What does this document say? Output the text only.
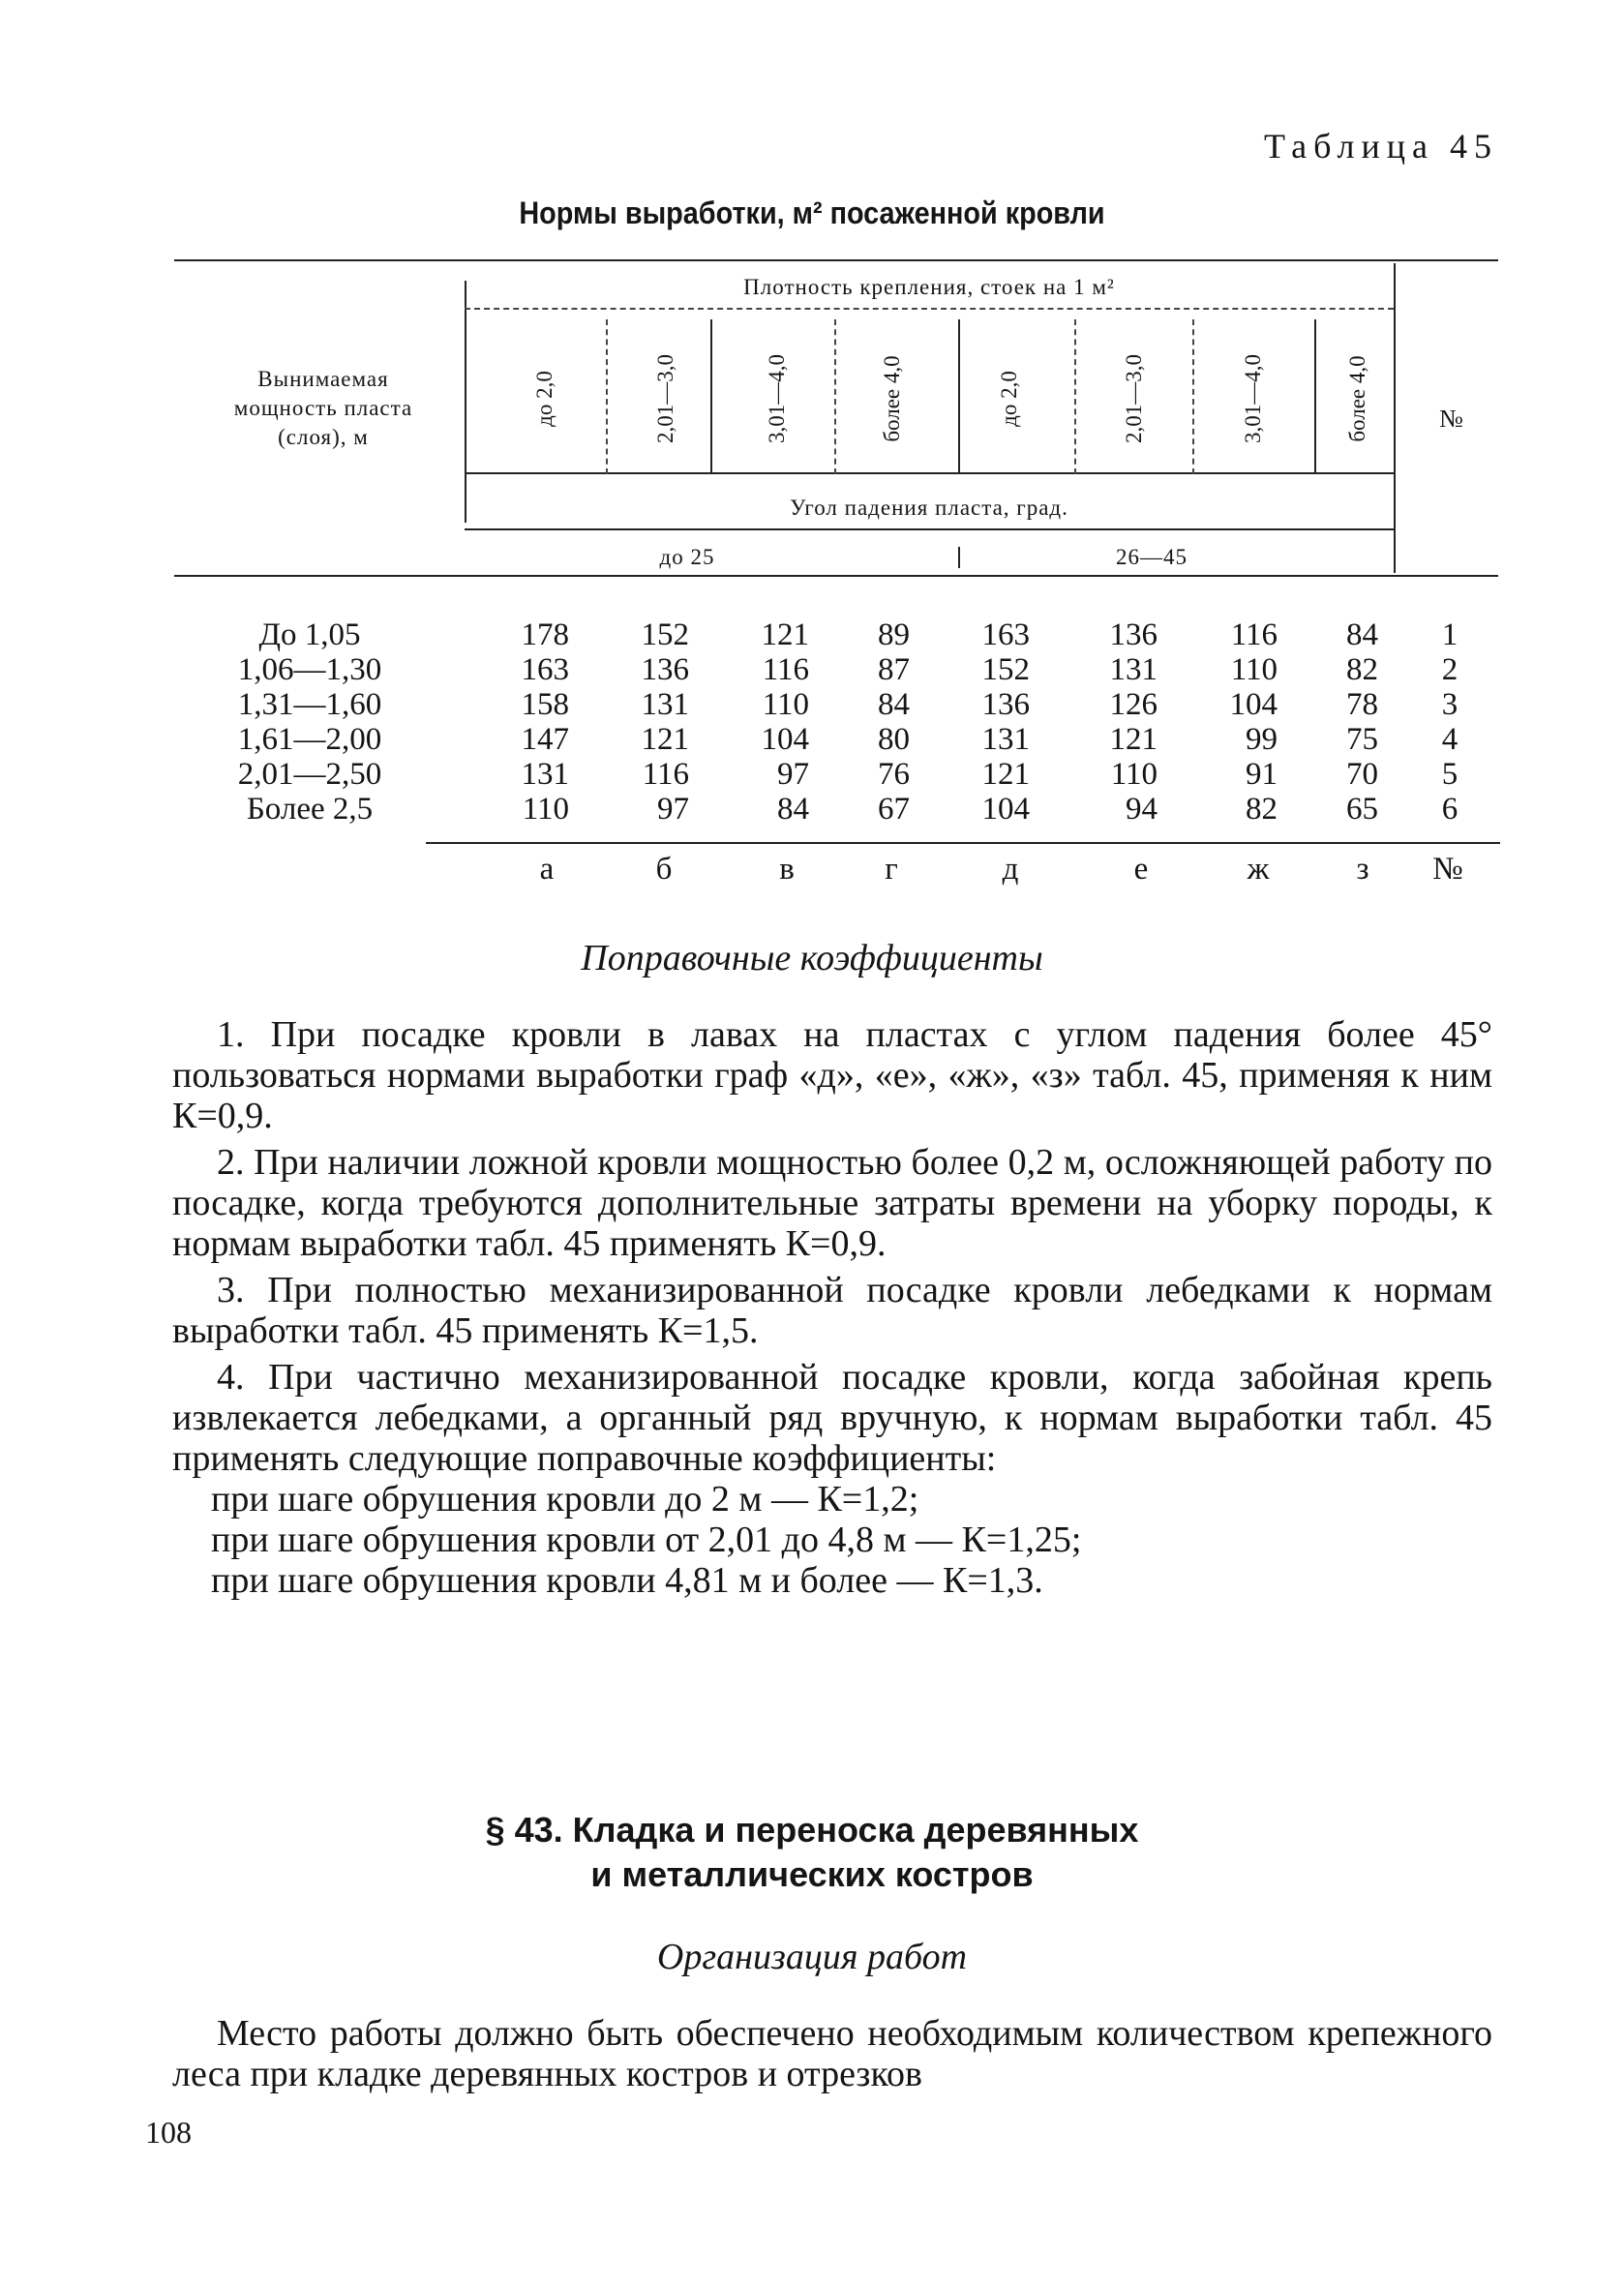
Таблица 45
Нормы выработки, м² посаженной кровли
Вынимаемая мощность пласта (слоя), м
Плотность крепления, стоек на 1 м²
до 2,0	2,01—3,0	3,01—4,0	более 4,0	до 2,0	2,01—3,0	3,01—4,0	более 4,0	№
Угол падения пласта, град.
до 25	26—45
До 1,05	178	152	121	89	163	136	116	84	1
1,06—1,30	163	136	116	87	152	131	110	82	2
1,31—1,60	158	131	110	84	136	126	104	78	3
1,61—2,00	147	121	104	80	131	121	99	75	4
2,01—2,50	131	116	97	76	121	110	91	70	5
Более 2,5	110	97	84	67	104	94	82	65	6
а	б	в	г	д	е	ж	з	№
Поправочные коэффициенты

1. При посадке кровли в лавах на пластах с углом падения более 45° пользоваться нормами выработки граф «д», «е», «ж», «з» табл. 45, применяя к ним К=0,9.

2. При наличии ложной кровли мощностью более 0,2 м, осложняющей работу по посадке, когда требуются дополнительные затраты времени на уборку породы, к нормам выработки табл. 45 применять К=0,9.

3. При полностью механизированной посадке кровли лебедками к нормам выработки табл. 45 применять К=1,5.

4. При частично механизированной посадке кровли, когда забойная крепь извлекается лебедками, а органный ряд вручную, к нормам выработки табл. 45 применять следующие поправочные коэффициенты:

при шаге обрушения кровли до 2 м — К=1,2;

при шаге обрушения кровли от 2,01 до 4,8 м — К=1,25;

при шаге обрушения кровли 4,81 м и более — К=1,3.

§ 43. Кладка и переноска деревянных
и металлических костров
Организация работ
Место работы должно быть обеспечено необходимым количеством крепежного леса при кладке деревянных костров и отрезков
108
